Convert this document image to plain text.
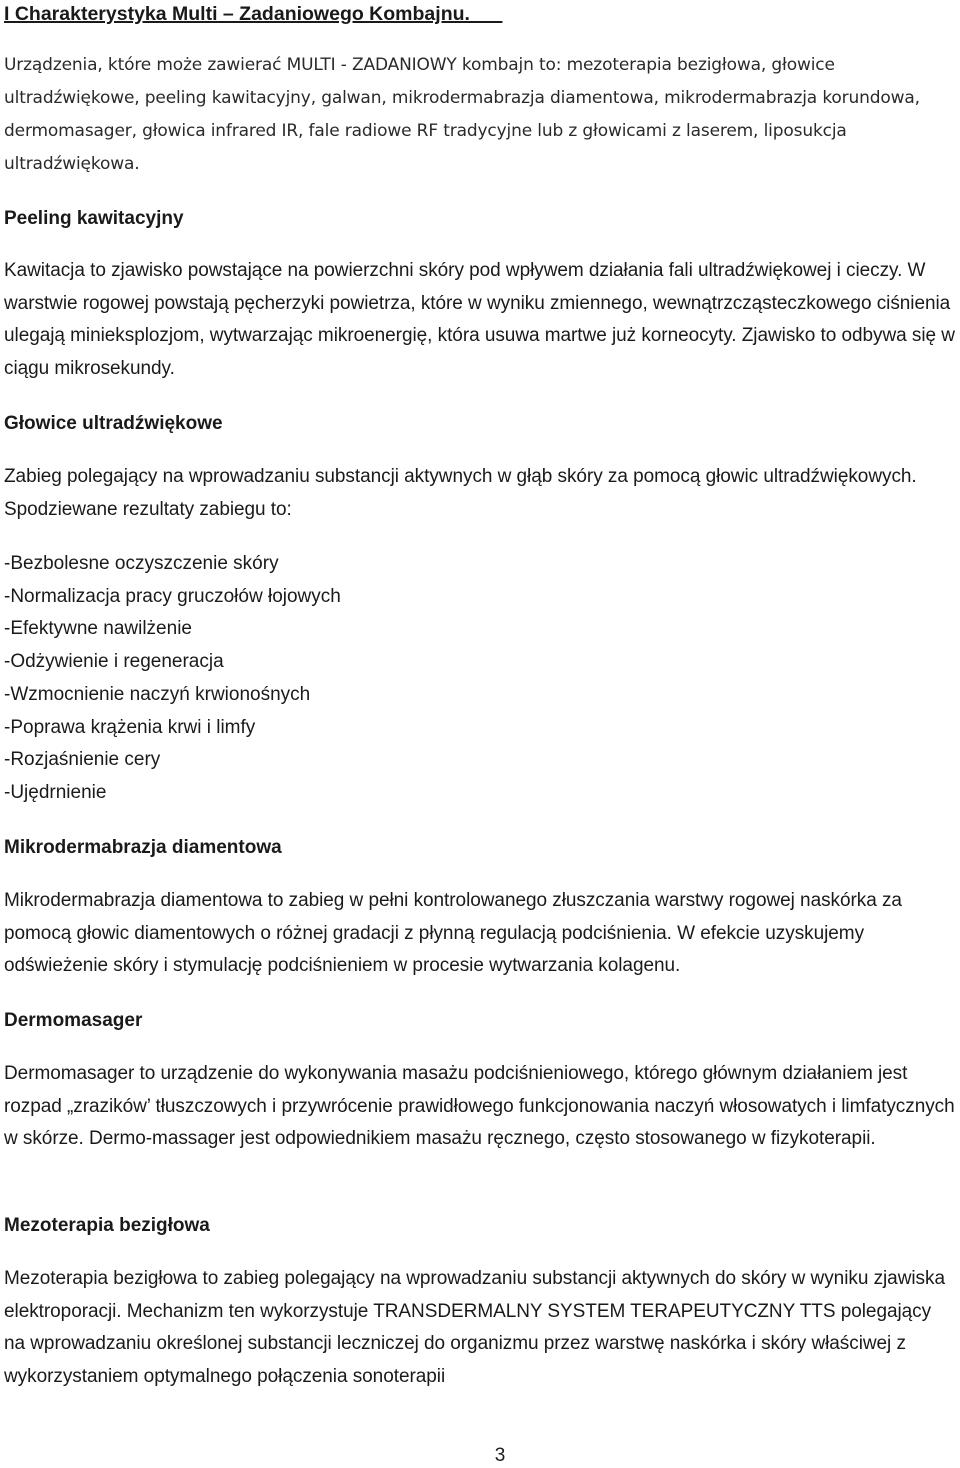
I Charakterystyka Multi – Zadaniowego Kombajnu.
Urządzenia, które może zawierać MULTI - ZADANIOWY kombajn to: mezoterapia bezigłowa, głowice ultradźwiękowe, peeling kawitacyjny, galwan, mikrodermabrazja diamentowa, mikrodermabrazja korundowa, dermomasager, głowica infrared IR, fale radiowe RF tradycyjne lub z głowicami z laserem, liposukcja ultradźwiękowa.
Peeling kawitacyjny
Kawitacja to zjawisko powstające na powierzchni skóry pod wpływem działania fali ultradźwiękowej i cieczy. W warstwie rogowej powstają pęcherzyki powietrza, które w wyniku zmiennego, wewnątrzcząsteczkowego ciśnienia ulegają minieksplozjom, wytwarzając mikroenergię, która usuwa martwe już korneocyty. Zjawisko to odbywa się w ciągu mikrosekundy.
Głowice ultradźwiękowe
Zabieg polegający na wprowadzaniu substancji aktywnych w głąb skóry za pomocą głowic ultradźwiękowych. Spodziewane rezultaty zabiegu to:
-Bezbolesne oczyszczenie skóry
-Normalizacja pracy gruczołów łojowych
-Efektywne nawilżenie
-Odżywienie i regeneracja
-Wzmocnienie naczyń krwionośnych
-Poprawa krążenia krwi i limfy
-Rozjaśnienie cery
-Ujędrnienie
Mikrodermabrazja diamentowa
Mikrodermabrazja diamentowa to zabieg w pełni kontrolowanego złuszczania warstwy rogowej naskórka za pomocą głowic diamentowych o różnej gradacji z płynną regulacją podciśnienia. W efekcie uzyskujemy odświeżenie skóry i stymulację podciśnieniem w procesie wytwarzania kolagenu.
Dermomasager
Dermomasager to urządzenie do wykonywania masażu podciśnieniowego, którego głównym działaniem jest rozpad „zrazików’ tłuszczowych i przywrócenie prawidłowego funkcjonowania naczyń włosowatych i limfatycznych w skórze. Dermo-massager jest odpowiednikiem masażu ręcznego, często stosowanego w fizykoterapii.
Mezoterapia bezigłowa
Mezoterapia bezigłowa to zabieg polegający na wprowadzaniu substancji aktywnych do skóry w wyniku zjawiska elektroporacji. Mechanizm ten wykorzystuje TRANSDERMALNY SYSTEM TERAPEUTYCZNY TTS polegający na wprowadzaniu określonej substancji leczniczej do organizmu przez warstwę naskórka i skóry właściwej z wykorzystaniem optymalnego połączenia sonoterapii
3
